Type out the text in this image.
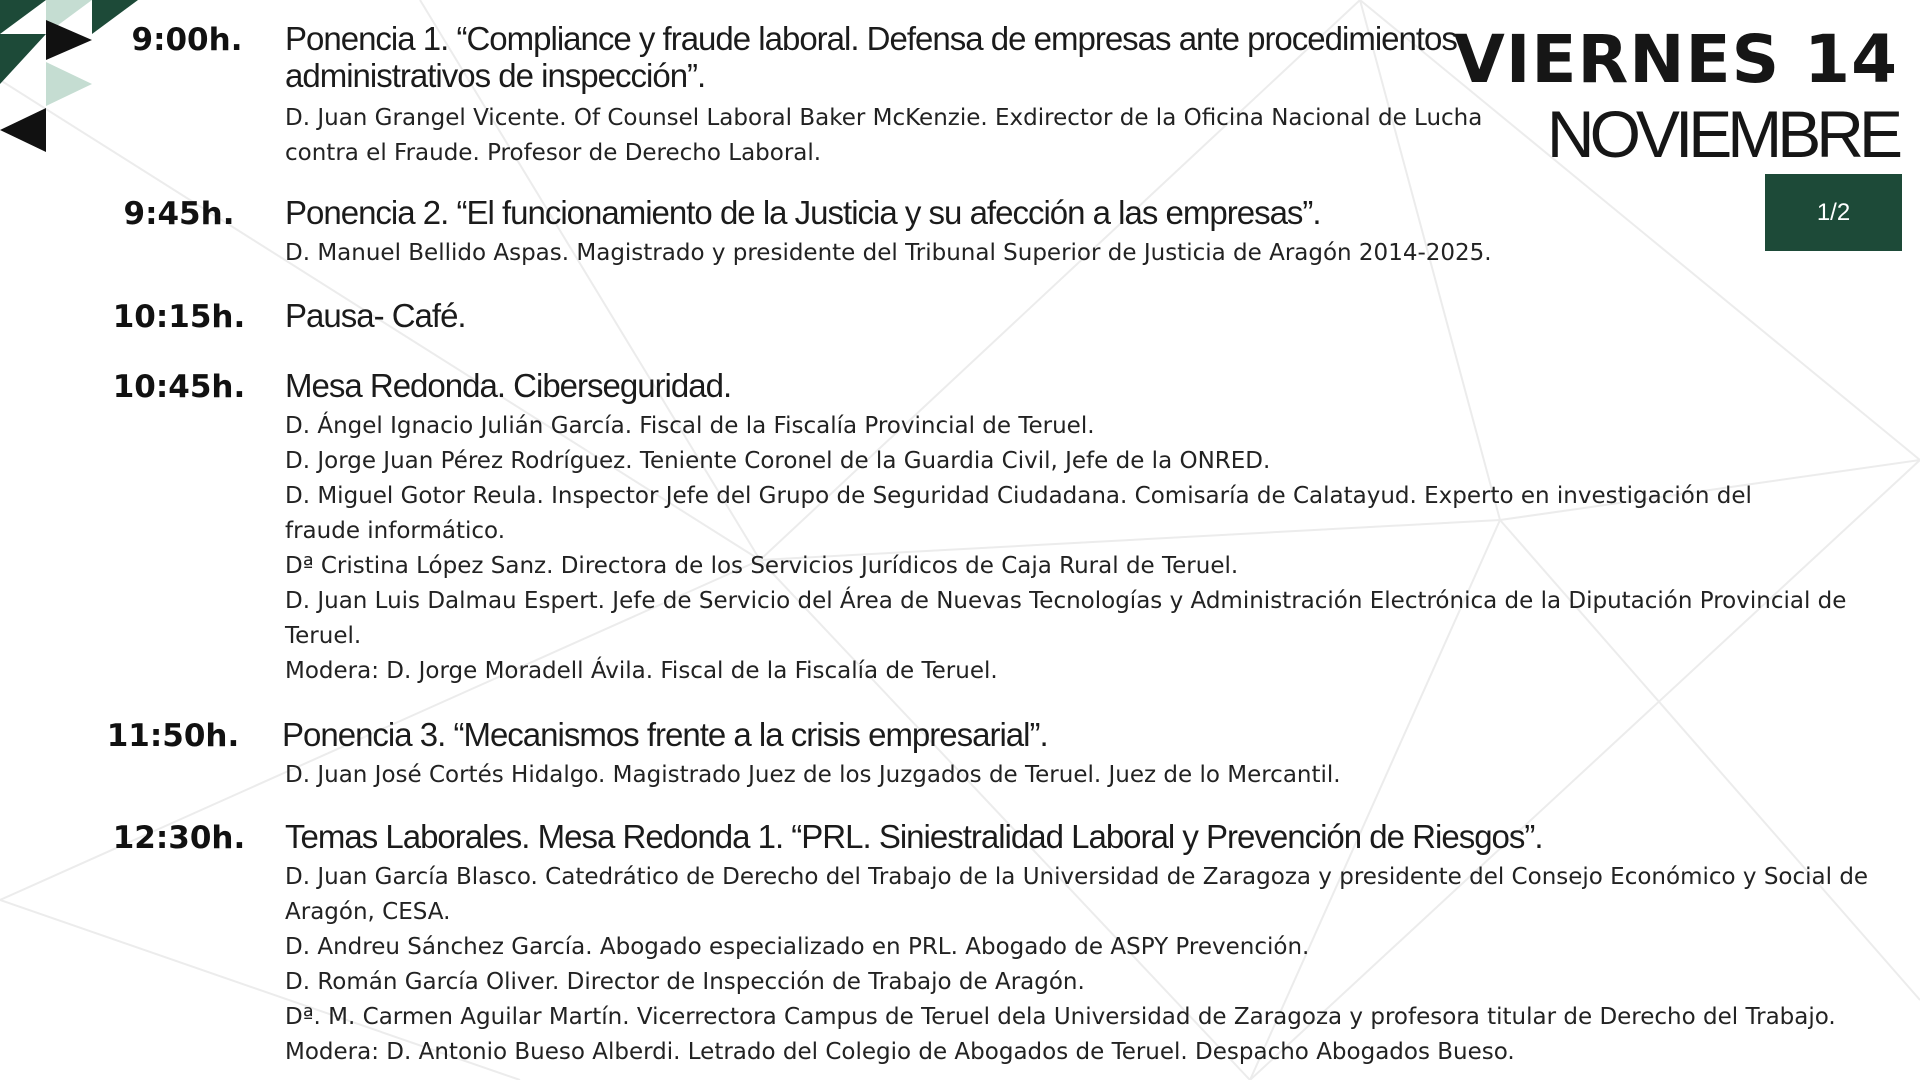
VIERNES 14
NOVIEMBRE
1/2
9:00h.	Ponencia 1. “Compliance y fraude laboral. Defensa de empresas ante procedimientos administrativos de inspección”.
D. Juan Grangel Vicente. Of Counsel Laboral Baker McKenzie. Exdirector de la Oficina Nacional de Lucha contra el Fraude. Profesor de Derecho Laboral.
9:45h.	Ponencia 2. “El funcionamiento de la Justicia y su afección a las empresas”.
D. Manuel Bellido Aspas. Magistrado y presidente del Tribunal Superior de Justicia de Aragón 2014-2025.
10:15h. Pausa- Café.
10:45h. Mesa Redonda. Ciberseguridad.
D. Ángel Ignacio Julián García. Fiscal de la Fiscalía Provincial de Teruel.
D. Jorge Juan Pérez Rodríguez. Teniente Coronel de la Guardia Civil, Jefe de la ONRED.
D. Miguel Gotor Reula. Inspector Jefe del Grupo de Seguridad Ciudadana. Comisaría de Calatayud. Experto en investigación del fraude informático.
Dª Cristina López Sanz. Directora de los Servicios Jurídicos de Caja Rural de Teruel.
D. Juan Luis Dalmau Espert. Jefe de Servicio del Área de Nuevas Tecnologías y Administración Electrónica de la Diputación Provincial de Teruel.
Modera: D. Jorge Moradell Ávila. Fiscal de la Fiscalía de Teruel.
11:50h. Ponencia 3. “Mecanismos frente a la crisis empresarial”.
D. Juan José Cortés Hidalgo. Magistrado Juez de los Juzgados de Teruel. Juez de lo Mercantil.
12:30h. Temas Laborales. Mesa Redonda 1. “PRL. Siniestralidad Laboral y Prevención de Riesgos”.
D. Juan García Blasco. Catedrático de Derecho del Trabajo de la Universidad de Zaragoza y presidente del Consejo Económico y Social de Aragón, CESA.
D. Andreu Sánchez García. Abogado especializado en PRL. Abogado de ASPY Prevención.
D. Román García Oliver. Director de Inspección de Trabajo de Aragón.
Dª. M. Carmen Aguilar Martín. Vicerrectora Campus de Teruel dela Universidad de Zaragoza y profesora titular de Derecho del Trabajo.
Modera: D. Antonio Bueso Alberdi. Letrado del Colegio de Abogados de Teruel. Despacho Abogados Bueso.
